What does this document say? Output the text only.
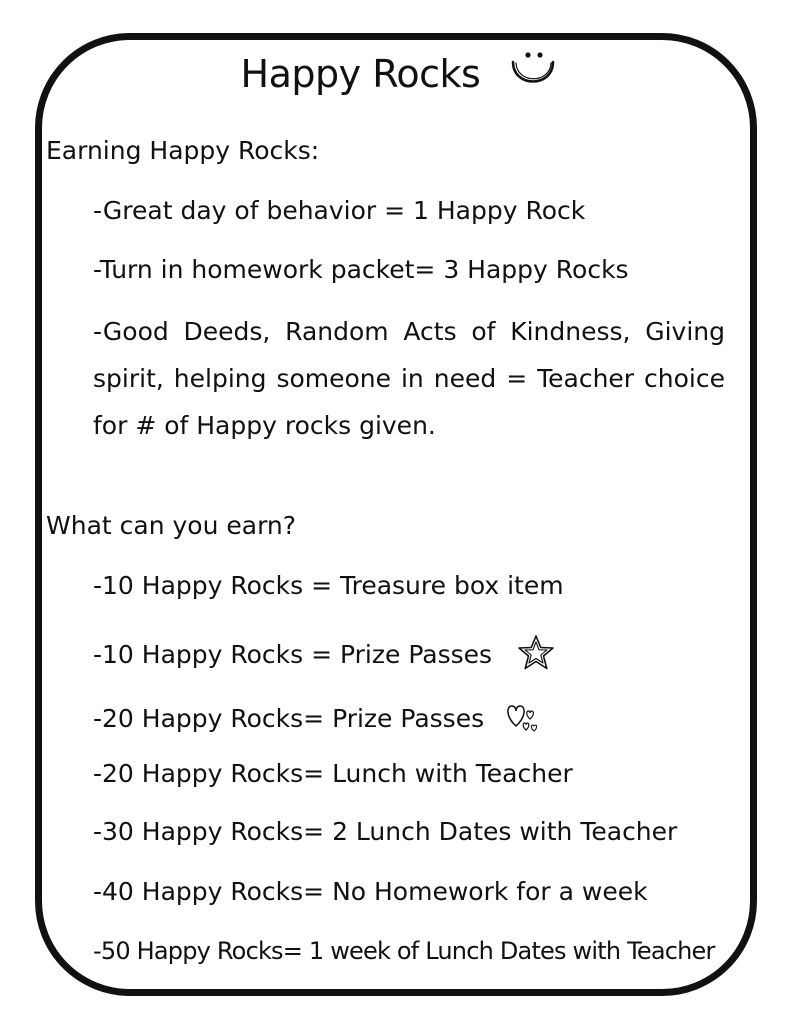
Happy Rocks
Earning Happy Rocks:
-Great day of behavior = 1 Happy Rock
-Turn in homework packet= 3 Happy Rocks
-Good Deeds, Random Acts of Kindness, Giving spirit, helping someone in need = Teacher choice for # of Happy rocks given.
What can you earn?
-10 Happy Rocks = Treasure box item
-10 Happy Rocks = Prize Passes
-20 Happy Rocks= Prize Passes
-20 Happy Rocks= Lunch with Teacher
-30 Happy Rocks= 2 Lunch Dates with Teacher
-40 Happy Rocks= No Homework for a week
-50 Happy Rocks= 1 week of Lunch Dates with Teacher
